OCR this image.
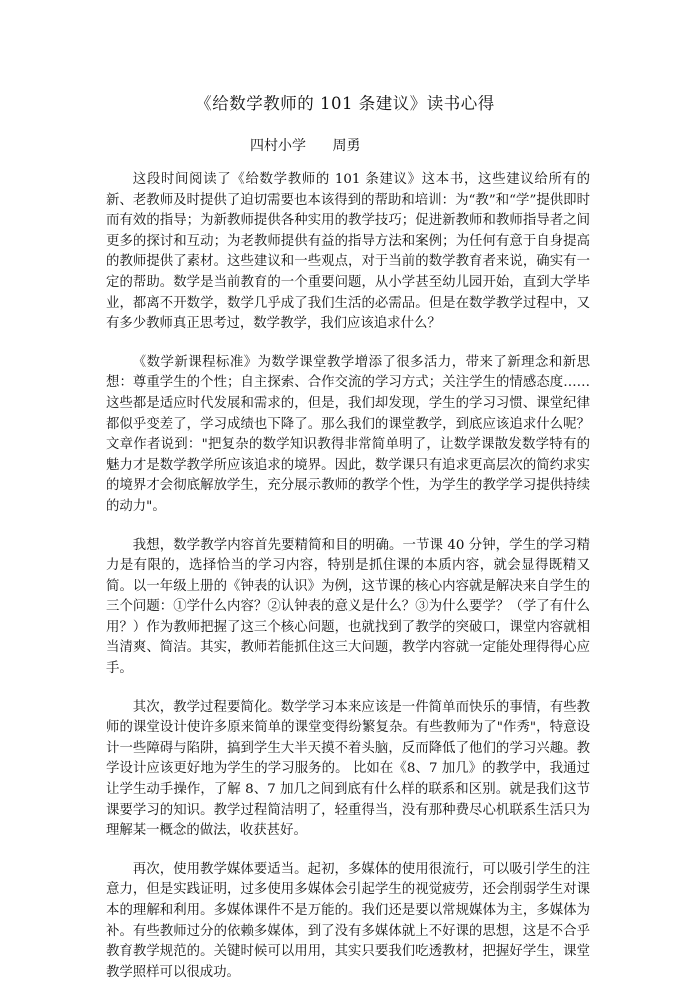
《给数学教师的 101 条建议》读书心得

四村小学 周勇

这段时间阅读了《给数学教师的 101 条建议》这本书，这些建议给所有的新、老教师及时提供了迫切需要也本该得到的帮助和培训：为“教”和“学”提供即时而有效的指导；为新教师提供各种实用的教学技巧；促进新教师和教师指导者之间更多的探讨和互动；为老教师提供有益的指导方法和案例；为任何有意于自身提高的教师提供了素材。这些建议和一些观点，对于当前的数学教育者来说，确实有一定的帮助。数学是当前教育的一个重要问题，从小学甚至幼儿园开始，直到大学毕业，都离不开数学，数学几乎成了我们生活的必需品。但是在数学教学过程中，又有多少教师真正思考过，数学教学，我们应该追求什么？

《数学新课程标准》为数学课堂教学增添了很多活力，带来了新理念和新思想：尊重学生的个性；自主探索、合作交流的学习方式；关注学生的情感态度……这些都是适应时代发展和需求的，但是，我们却发现，学生的学习习惯、课堂纪律都似乎变差了，学习成绩也下降了。那么我们的课堂教学，到底应该追求什么呢？文章作者说到："把复杂的数学知识教得非常简单明了，让数学课散发数学特有的魅力才是数学教学所应该追求的境界。因此，数学课只有追求更高层次的简约求实的境界才会彻底解放学生，充分展示教师的教学个性，为学生的教学学习提供持续的动力"。

我想，数学教学内容首先要精简和目的明确。一节课 40 分钟，学生的学习精力是有限的，选择恰当的学习内容，特别是抓住课的本质内容，就会显得既精又简。以一年级上册的《钟表的认识》为例，这节课的核心内容就是解决来自学生的三个问题：①学什么内容？②认钟表的意义是什么？③为什么要学？（学了有什么用？）作为教师把握了这三个核心问题，也就找到了教学的突破口，课堂内容就相当清爽、简洁。其实，教师若能抓住这三大问题，教学内容就一定能处理得得心应手。

其次，教学过程要简化。数学学习本来应该是一件简单而快乐的事情，有些教师的课堂设计使许多原来简单的课堂变得纷繁复杂。有些教师为了"作秀"，特意设计一些障碍与陷阱，搞到学生大半天摸不着头脑，反而降低了他们的学习兴趣。教学设计应该更好地为学生的学习服务的。 比如在《8、7 加几》的教学中，我通过让学生动手操作，了解 8、7 加几之间到底有什么样的联系和区别。就是我们这节课要学习的知识。教学过程简洁明了，轻重得当，没有那种费尽心机联系生活只为理解某一概念的做法，收获甚好。

再次，使用教学媒体要适当。起初，多媒体的使用很流行，可以吸引学生的注意力，但是实践证明，过多使用多媒体会引起学生的视觉疲劳，还会削弱学生对课本的理解和利用。多媒体课件不是万能的。我们还是要以常规媒体为主，多媒体为补。有些教师过分的依赖多媒体，到了没有多媒体就上不好课的思想，这是不合乎教育教学规范的。关键时候可以用用，其实只要我们吃透教材，把握好学生，课堂教学照样可以很成功。
